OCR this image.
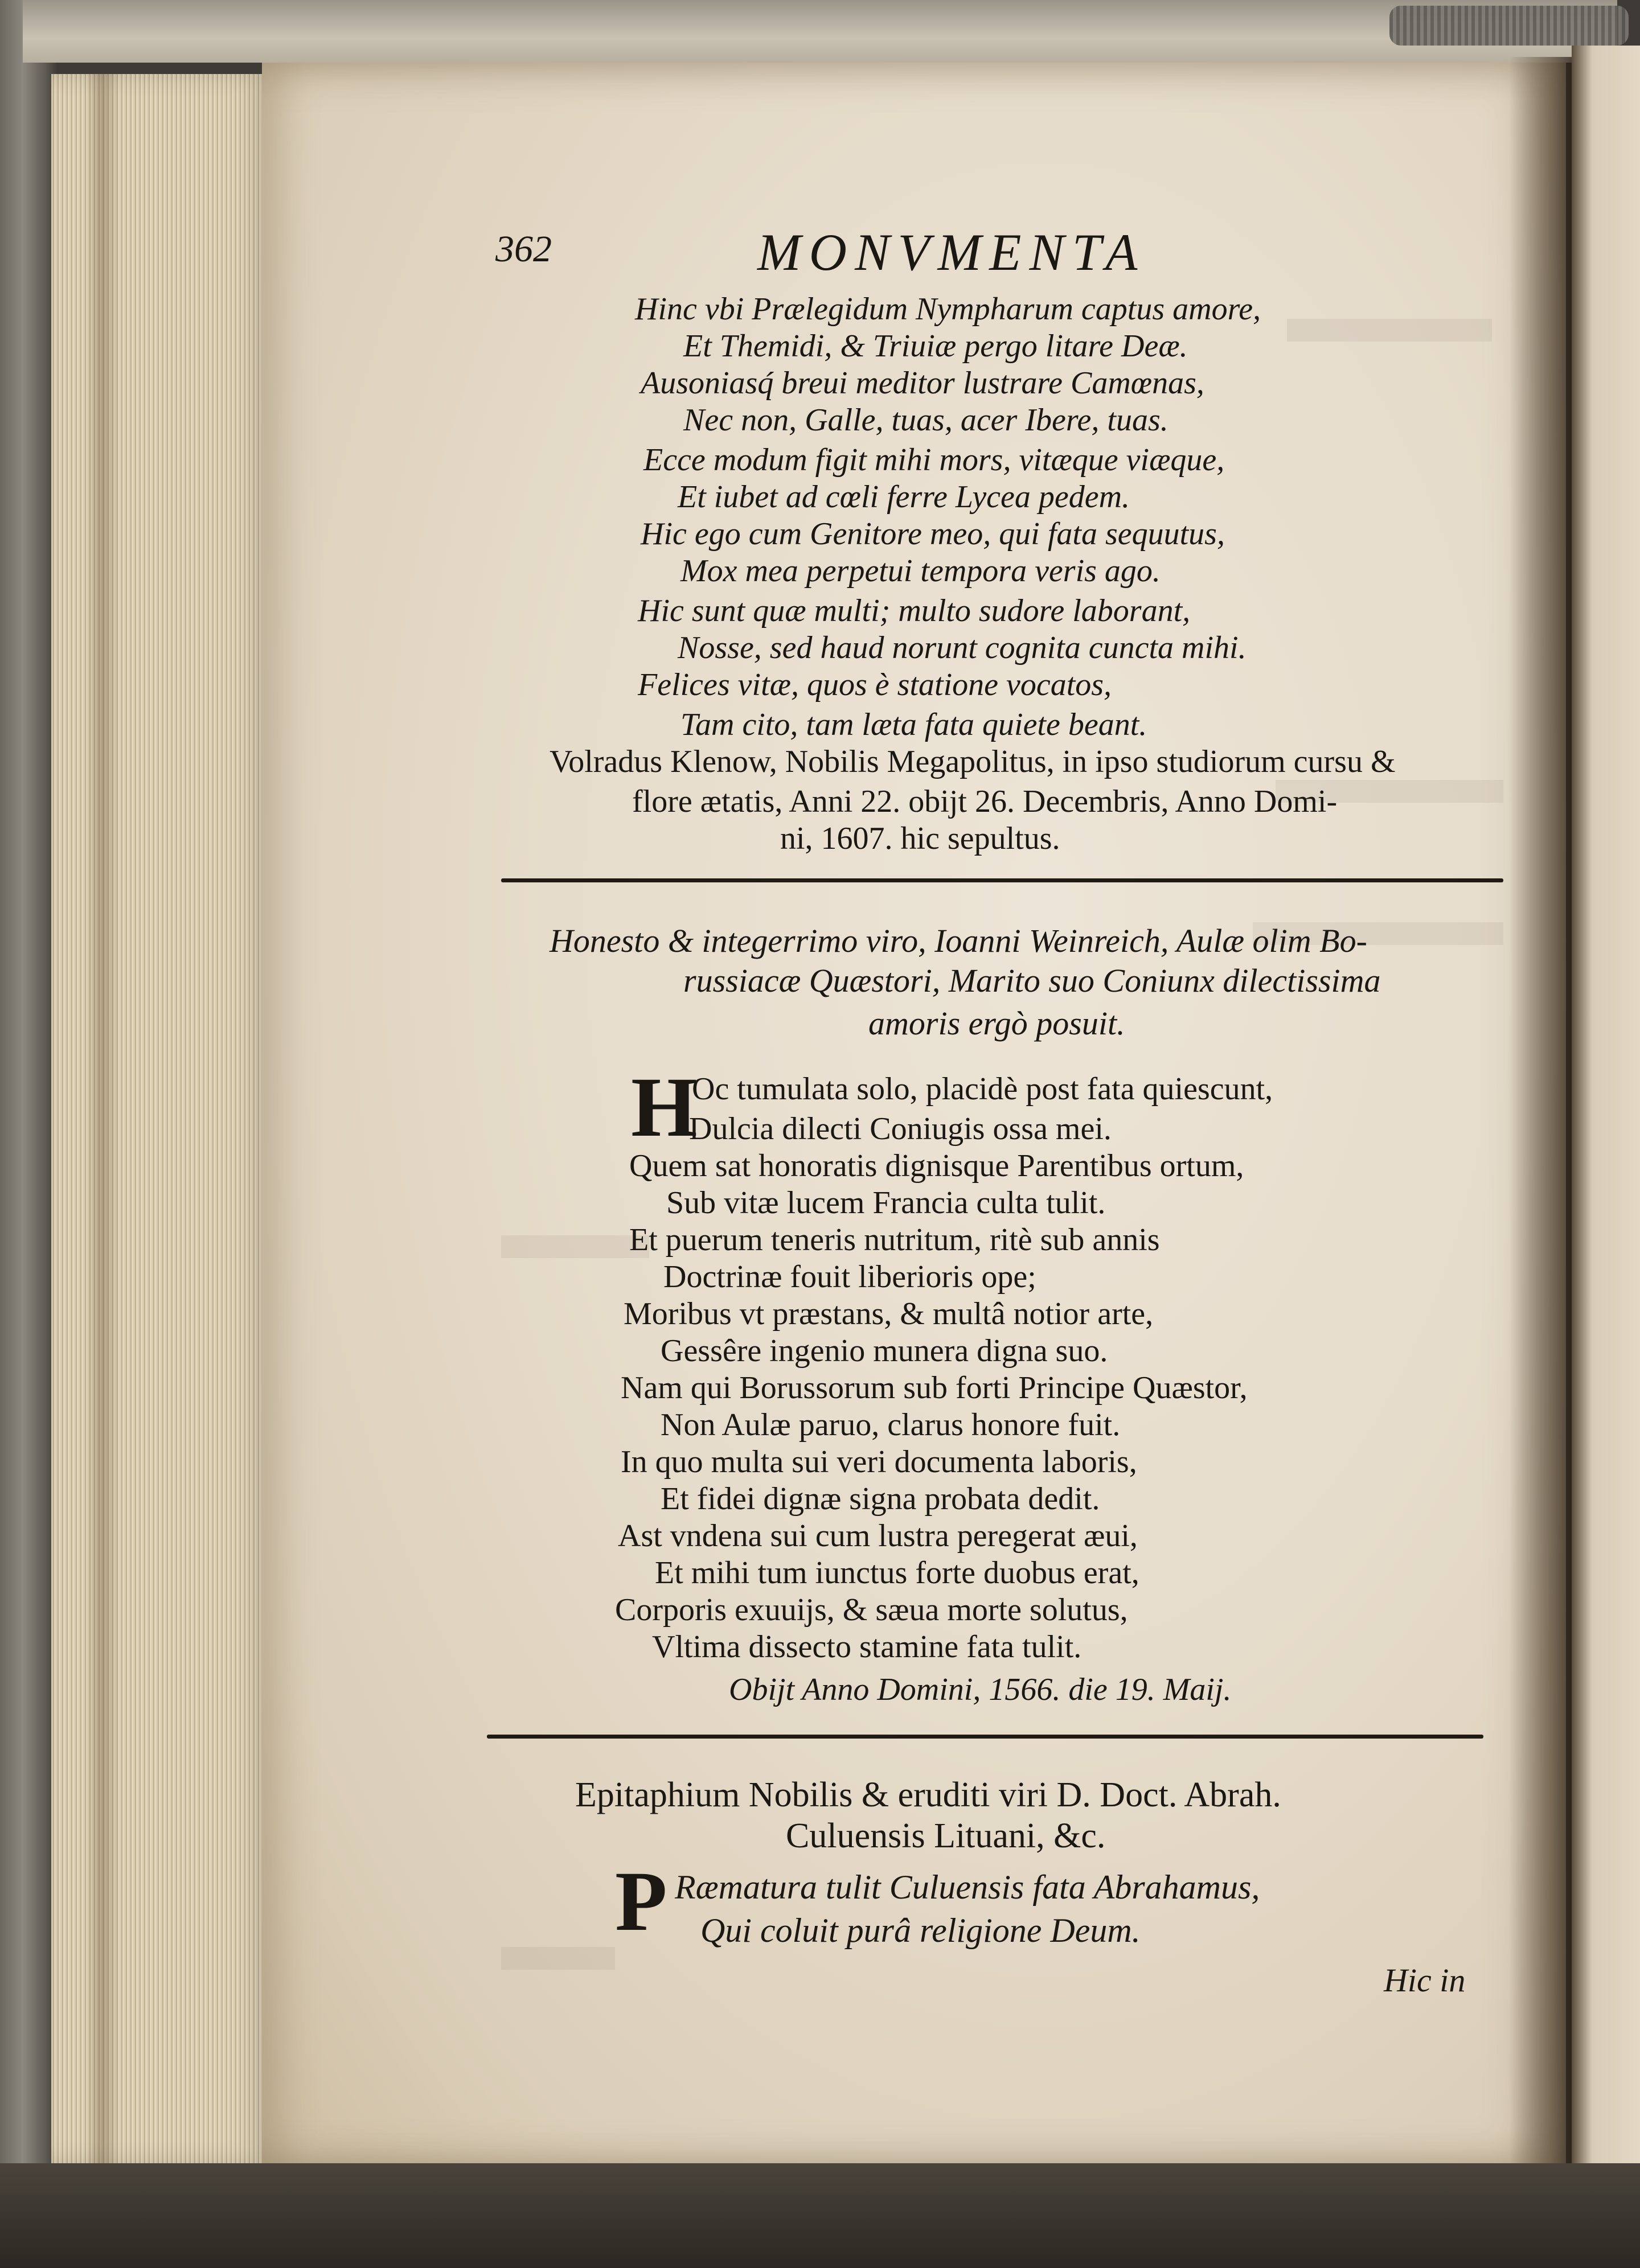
362	MONVMENTA
Hinc vbi Prælegidum Nympharum captus amore,
Et Themidi, & Triuiæ pergo litare Deæ.
Ausoniasq́ breui meditor lustrare Camœnas,
Nec non, Galle, tuas, acer Ibere, tuas.
Ecce modum figit mihi mors, vitæque viæque,
Et iubet ad cœli ferre Lycea pedem.
Hic ego cum Genitore meo, qui fata sequutus,
Mox mea perpetui tempora veris ago.
Hic sunt quæ multi; multo sudore laborant,
Nosse, sed haud norunt cognita cuncta mihi.
Felices vitæ, quos è statione vocatos,
Tam cito, tam læta fata quiete beant.
Volradus Klenow, Nobilis Megapolitus, in ipso studiorum cursu &
flore ætatis, Anni 22. obijt 26. Decembris, Anno Domi-
ni, 1607. hic sepultus.
Honesto & integerrimo viro, Ioanni Weinreich, Aulæ olim Bo-
russiacæ Quæstori, Marito suo Coniunx dilectissima
amoris ergò posuit.
H
Oc tumulata solo, placidè post fata quiescunt,
Dulcia dilecti Coniugis ossa mei.
Quem sat honoratis dignisque Parentibus ortum,
Sub vitæ lucem Francia culta tulit.
Et puerum teneris nutritum, ritè sub annis
Doctrinæ fouit liberioris ope;
Moribus vt præstans, & multâ notior arte,
Gessêre ingenio munera digna suo.
Nam qui Borussorum sub forti Principe Quæstor,
Non Aulæ paruo, clarus honore fuit.
In quo multa sui veri documenta laboris,
Et fidei dignæ signa probata dedit.
Ast vndena sui cum lustra peregerat æui,
Et mihi tum iunctus forte duobus erat,
Corporis exuuijs, & sæua morte solutus,
Vltima dissecto stamine fata tulit.
Obijt Anno Domini, 1566. die 19. Maij.
Epitaphium Nobilis & eruditi viri D. Doct. Abrah.
Culuensis Lituani, &c.
P Ræmatura tulit Culuensis fata Abrahamus,
Qui coluit purâ religione Deum.
Hic in
